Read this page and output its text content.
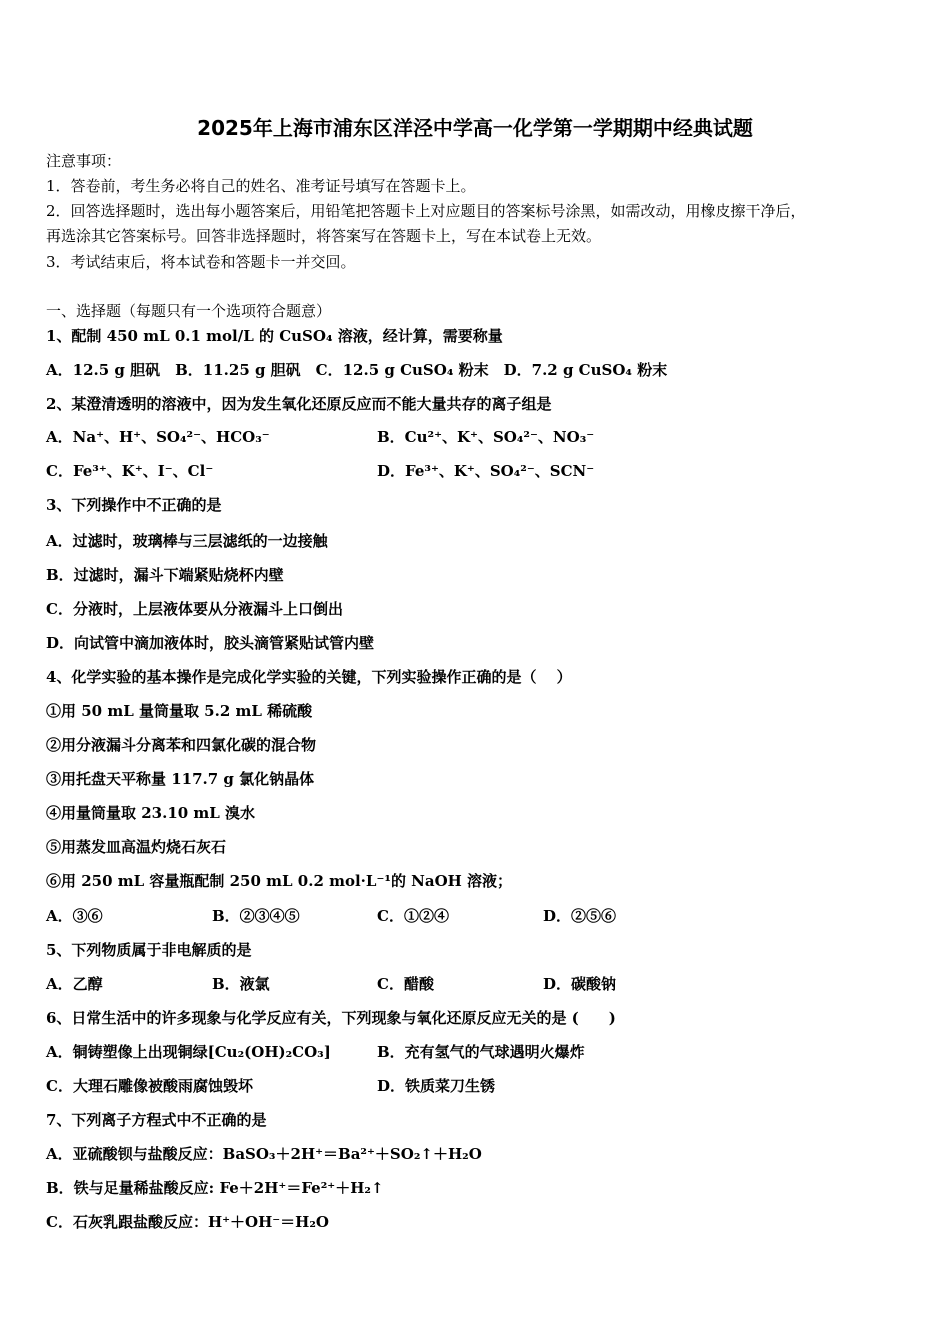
2025年上海市浦东区洋泾中学高一化学第一学期期中经典试题
注意事项：
1．答卷前，考生务必将自己的姓名、准考证号填写在答题卡上。
2．回答选择题时，选出每小题答案后，用铅笔把答题卡上对应题目的答案标号涂黑，如需改动，用橡皮擦干净后，
再选涂其它答案标号。回答非选择题时，将答案写在答题卡上，写在本试卷上无效。
3．考试结束后，将本试卷和答题卡一并交回。
一、选择题（每题只有一个选项符合题意）
1、配制 450 mL 0.1 mol/L 的 CuSO₄ 溶液，经计算，需要称量
A．12.5 g 胆矾　B．11.25 g 胆矾　C．12.5 g CuSO₄ 粉末　D．7.2 g CuSO₄ 粉末
2、某澄清透明的溶液中，因为发生氧化还原反应而不能大量共存的离子组是
A．Na⁺、H⁺、SO₄²⁻、HCO₃⁻	B．Cu²⁺、K⁺、SO₄²⁻、NO₃⁻
C．Fe³⁺、K⁺、I⁻、Cl⁻	D．Fe³⁺、K⁺、SO₄²⁻、SCN⁻
3、下列操作中不正确的是
A．过滤时，玻璃棒与三层滤纸的一边接触
B．过滤时，漏斗下端紧贴烧杯内壁
C．分液时，上层液体要从分液漏斗上口倒出
D．向试管中滴加液体时，胶头滴管紧贴试管内壁
4、化学实验的基本操作是完成化学实验的关键，下列实验操作正确的是（　 ）
①用 50 mL 量筒量取 5.2 mL 稀硫酸
②用分液漏斗分离苯和四氯化碳的混合物
③用托盘天平称量 117.7 g 氯化钠晶体
④用量筒量取 23.10 mL 溴水
⑤用蒸发皿高温灼烧石灰石
⑥用 250 mL 容量瓶配制 250 mL 0.2 mol·L⁻¹的 NaOH 溶液；
A．③⑥	B．②③④⑤	C．①②④	D．②⑤⑥
5、下列物质属于非电解质的是
A．乙醇	B．液氯	C．醋酸	D．碳酸钠
6、日常生活中的许多现象与化学反应有关，下列现象与氧化还原反应无关的是 (　　)
A．铜铸塑像上出现铜绿[Cu₂(OH)₂CO₃]	B．充有氢气的气球遇明火爆炸
C．大理石雕像被酸雨腐蚀毁坏	D．铁质菜刀生锈
7、下列离子方程式中不正确的是
A．亚硫酸钡与盐酸反应：BaSO₃＋2H⁺＝Ba²⁺＋SO₂↑＋H₂O
B．铁与足量稀盐酸反应: Fe＋2H⁺＝Fe²⁺＋H₂↑
C．石灰乳跟盐酸反应：H⁺＋OH⁻＝H₂O
